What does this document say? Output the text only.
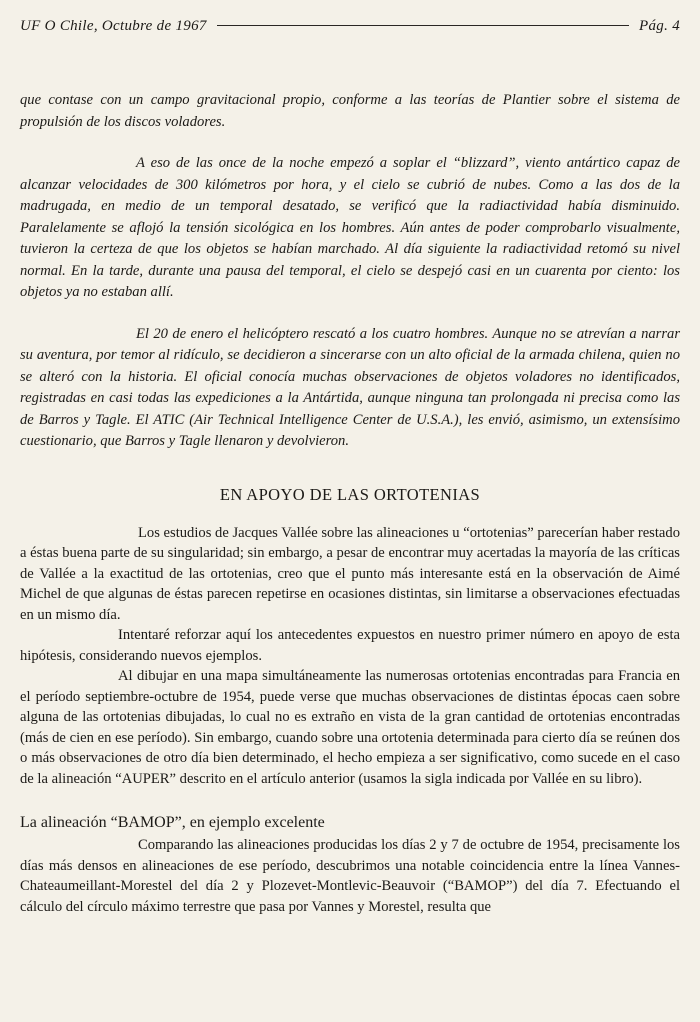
UF O Chile, Octubre de 1967	Pág. 4

que contase con un campo gravitacional propio, conforme a las teorías de Plantier sobre el sistema de propulsión de los discos voladores.

A eso de las once de la noche empezó a soplar el “blizzard”, viento antártico capaz de alcanzar velocidades de 300 kilómetros por hora, y el cielo se cubrió de nubes. Como a las dos de la madrugada, en medio de un temporal desatado, se verificó que la radiactividad había disminuido. Paralelamente se aflojó la tensión sicológica en los hombres. Aún antes de poder comprobarlo visualmente, tuvieron la certeza de que los objetos se habían marchado. Al día siguiente la radiactividad retomó su nivel normal. En la tarde, durante una pausa del temporal, el cielo se despejó casi en un cuarenta por ciento: los objetos ya no estaban allí.

El 20 de enero el helicóptero rescató a los cuatro hombres. Aunque no se atrevían a narrar su aventura, por temor al ridículo, se decidieron a sincerarse con un alto oficial de la armada chilena, quien no se alteró con la historia. El oficial conocía muchas observaciones de objetos voladores no identificados, registradas en casi todas las expediciones a la Antártida, aunque ninguna tan prolongada ni precisa como las de Barros y Tagle. El ATIC (Air Technical Intelligence Center de U.S.A.), les envió, asimismo, un extensísimo cuestionario, que Barros y Tagle llenaron y devolvieron.

EN APOYO DE LAS ORTOTENIAS

Los estudios de Jacques Vallée sobre las alineaciones u “ortotenias” parecerían haber restado a éstas buena parte de su singularidad; sin embargo, a pesar de encontrar muy acertadas la mayoría de las críticas de Vallée a la exactitud de las ortotenias, creo que el punto más interesante está en la observación de Aimé Michel de que algunas de éstas parecen repetirse en ocasiones distintas, sin limitarse a observaciones efectuadas en un mismo día.

Intentaré reforzar aquí los antecedentes expuestos en nuestro primer número en apoyo de esta hipótesis, considerando nuevos ejemplos.

Al dibujar en una mapa simultáneamente las numerosas ortotenias encontradas para Francia en el período septiembre-octubre de 1954, puede verse que muchas observaciones de distintas épocas caen sobre alguna de las ortotenias dibujadas, lo cual no es extraño en vista de la gran cantidad de ortotenias encontradas (más de cien en ese período). Sin embargo, cuando sobre una ortotenia determinada para cierto día se reúnen dos o más observaciones de otro día bien determinado, el hecho empieza a ser significativo, como sucede en el caso de la alineación “AUPER” descrito en el artículo anterior (usamos la sigla indicada por Vallée en su libro).

La alineación “BAMOP”, en ejemplo excelente

Comparando las alineaciones producidas los días 2 y 7 de octubre de 1954, precisamente los días más densos en alineaciones de ese período, descubrimos una notable coincidencia entre la línea Vannes-Chateaumeillant-Morestel del día 2 y Plozevet-Montlevic-Beauvoir (“BAMOP”) del día 7. Efectuando el cálculo del círculo máximo terrestre que pasa por Vannes y Morestel, resulta que
